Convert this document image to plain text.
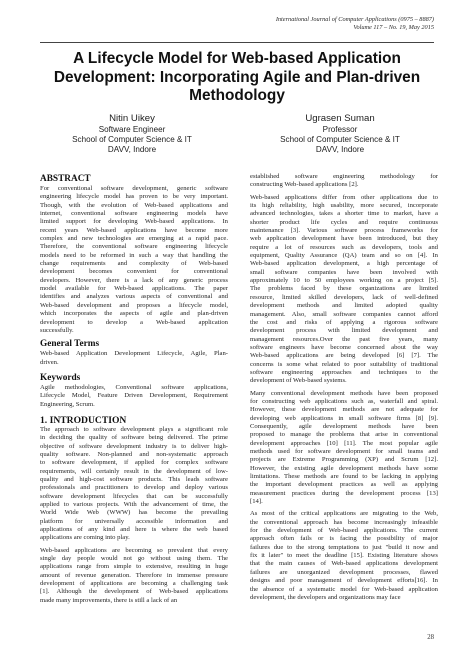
International Journal of Computer Applications (0975 – 8887)
Volume 117 – No. 19, May 2015
A Lifecycle Model for Web-based Application
Development: Incorporating Agile and Plan-driven
Methodology
Nitin Uikey
Software Engineer
School of Computer Science & IT
DAVV, Indore
Ugrasen Suman
Professor
School of Computer Science & IT
DAVV, Indore
ABSTRACT
For conventional software development, generic software
engineering lifecycle model has proven to be very important.
Though, with the evolution of Web-based applications and
internet, conventional software engineering models have
limited support for developing Web-based applications. In
recent years Web-based applications have become more
complex and new technologies are emerging at a rapid pace.
Therefore, the conventional software engineering lifecycle
models need to be reformed in such a way that handling the
change requirements and complexity of Web-based
development becomes convenient for conventional
developers. However, there is a lack of any generic process
model available for Web-based applications. The paper
identifies and analyzes various aspects of conventional and
Web-based development and proposes a lifecycle model,
which incorporates the aspects of agile and plan-driven
development to develop a Web-based application
successfully.
General Terms
Web-based Application Development Lifecycle, Agile, Plan-
driven.
Keywords
Agile methodologies, Conventional software applications,
Lifecycle Model, Feature Driven Development, Requirement
Engineering, Scrum.
1. INTRODUCTION
The approach to software development plays a significant role
in deciding the quality of software being delivered. The prime
objective of software development industry is to deliver high-
quality software. Non-planned and non-systematic approach
to software development, if applied for complex software
requirements, will certainly result in the development of low-
quality and high-cost software products. This leads software
professionals and practitioners to develop and deploy various
software development lifecycles that can be successfully
applied to various projects. With the advancement of time, the
World Wide Web (WWW) has become the prevailing
platform for universally accessible information and
applications of any kind and here is where the web based
applications are coming into play.
Web-based applications are becoming so prevalent that every
single day people would not go without using them. The
applications range from simple to extensive, resulting in huge
amount of revenue generation. Therefore in immense pressure
development of applications are becoming a challenging task
[1]. Although the development of Web-based applications
made many improvements, there is still a lack of an
established software engineering methodology for
constructing Web-based applications [2].
Web-based applications differ from other applications due to
its high reliability, high usability, more secured, incorporate
advanced technologies, takes a shorter time to market, have a
shorter product life cycles and require continuous
maintenance [3]. Various software process frameworks for
web application development have been introduced, but they
require a lot of resources such as developers, tools and
equipment, Quality Assurance (QA) team and so on [4]. In
Web-based application development, a high percentage of
small software companies have been involved with
approximately 10 to 50 employees working on a project [5].
The problems faced by these organizations are limited
resource, limited skilled developers, lack of well-defined
development methods and limited adopted quality
management. Also, small software companies cannot afford
the cost and risks of applying a rigorous software
development process with limited development and
management resources.Over the past five years, many
software engineers have become concerned about the way
Web-based applications are being developed [6] [7]. The
concerns is some what related to poor suitability of traditional
software engineering approaches and techniques to the
development of Web-based systems.
Many conventional development methods have been proposed
for constructing web applications such as, waterfall and spiral.
However, these development methods are not adequate for
developing web applications in small software firms [8] [9].
Consequently, agile development methods have been
proposed to manage the problems that arise in conventional
development approaches [10] [11]. The most popular agile
methods used for software development for small teams and
projects are Extreme Programming (XP) and Scrum [12].
However, the existing agile development methods have some
limitations. These methods are found to be lacking in applying
the important development practices as well as applying
measurement practices during the development process [13]
[14].
As most of the critical applications are migrating to the Web,
the conventional approach has become increasingly infeasible
for the development of Web-based applications. The current
approach often fails or is facing the possibility of major
failures due to the strong temptations to just "build it now and
fix it later" to meet the deadline [15]. Existing literature shows
that the main causes of Web-based applications development
failures are unorganized development processes, flawed
designs and poor management of development efforts[16]. In
the absence of a systematic model for Web-based application
development, the developers and organizations may face
28
